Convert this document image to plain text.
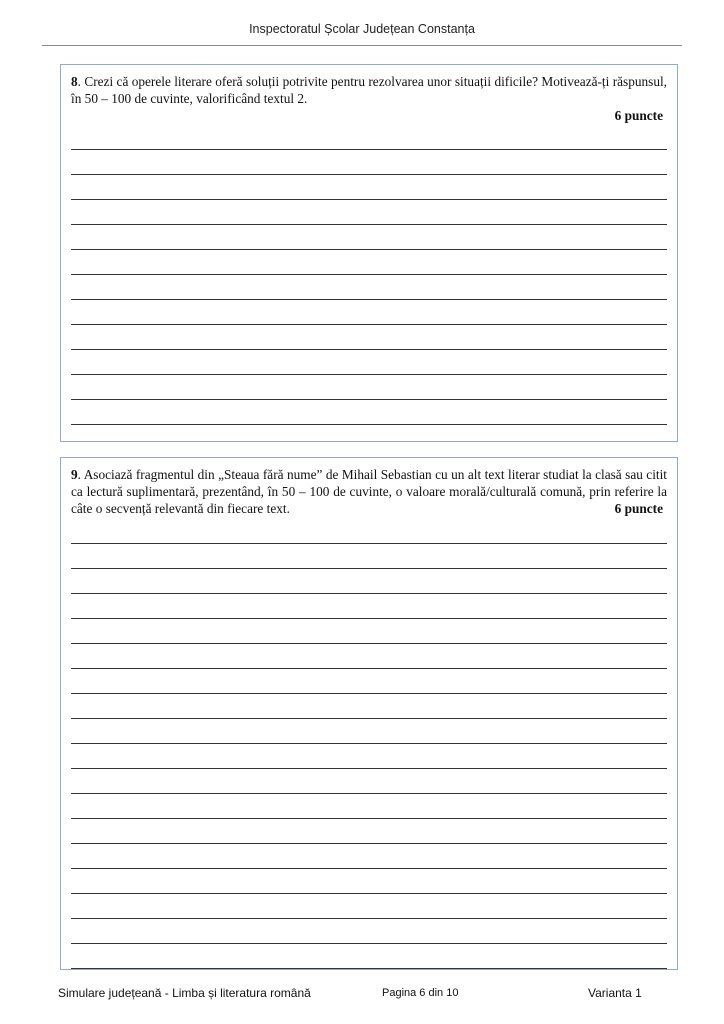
Inspectoratul Școlar Județean Constanța
8. Crezi că operele literare oferă soluții potrivite pentru rezolvarea unor situații dificile? Motivează-ți răspunsul, în 50 – 100 de cuvinte, valorificând textul 2.
6 puncte
9. Asociază fragmentul din „Steaua fără nume” de Mihail Sebastian cu un alt text literar studiat la clasă sau citit ca lectură suplimentară, prezentând, în 50 – 100 de cuvinte, o valoare morală/culturală comună, prin referire la câte o secvență relevantă din fiecare text.	6 puncte
Simulare județeană - Limba și literatura română	Pagina 6 din 10	Varianta 1
